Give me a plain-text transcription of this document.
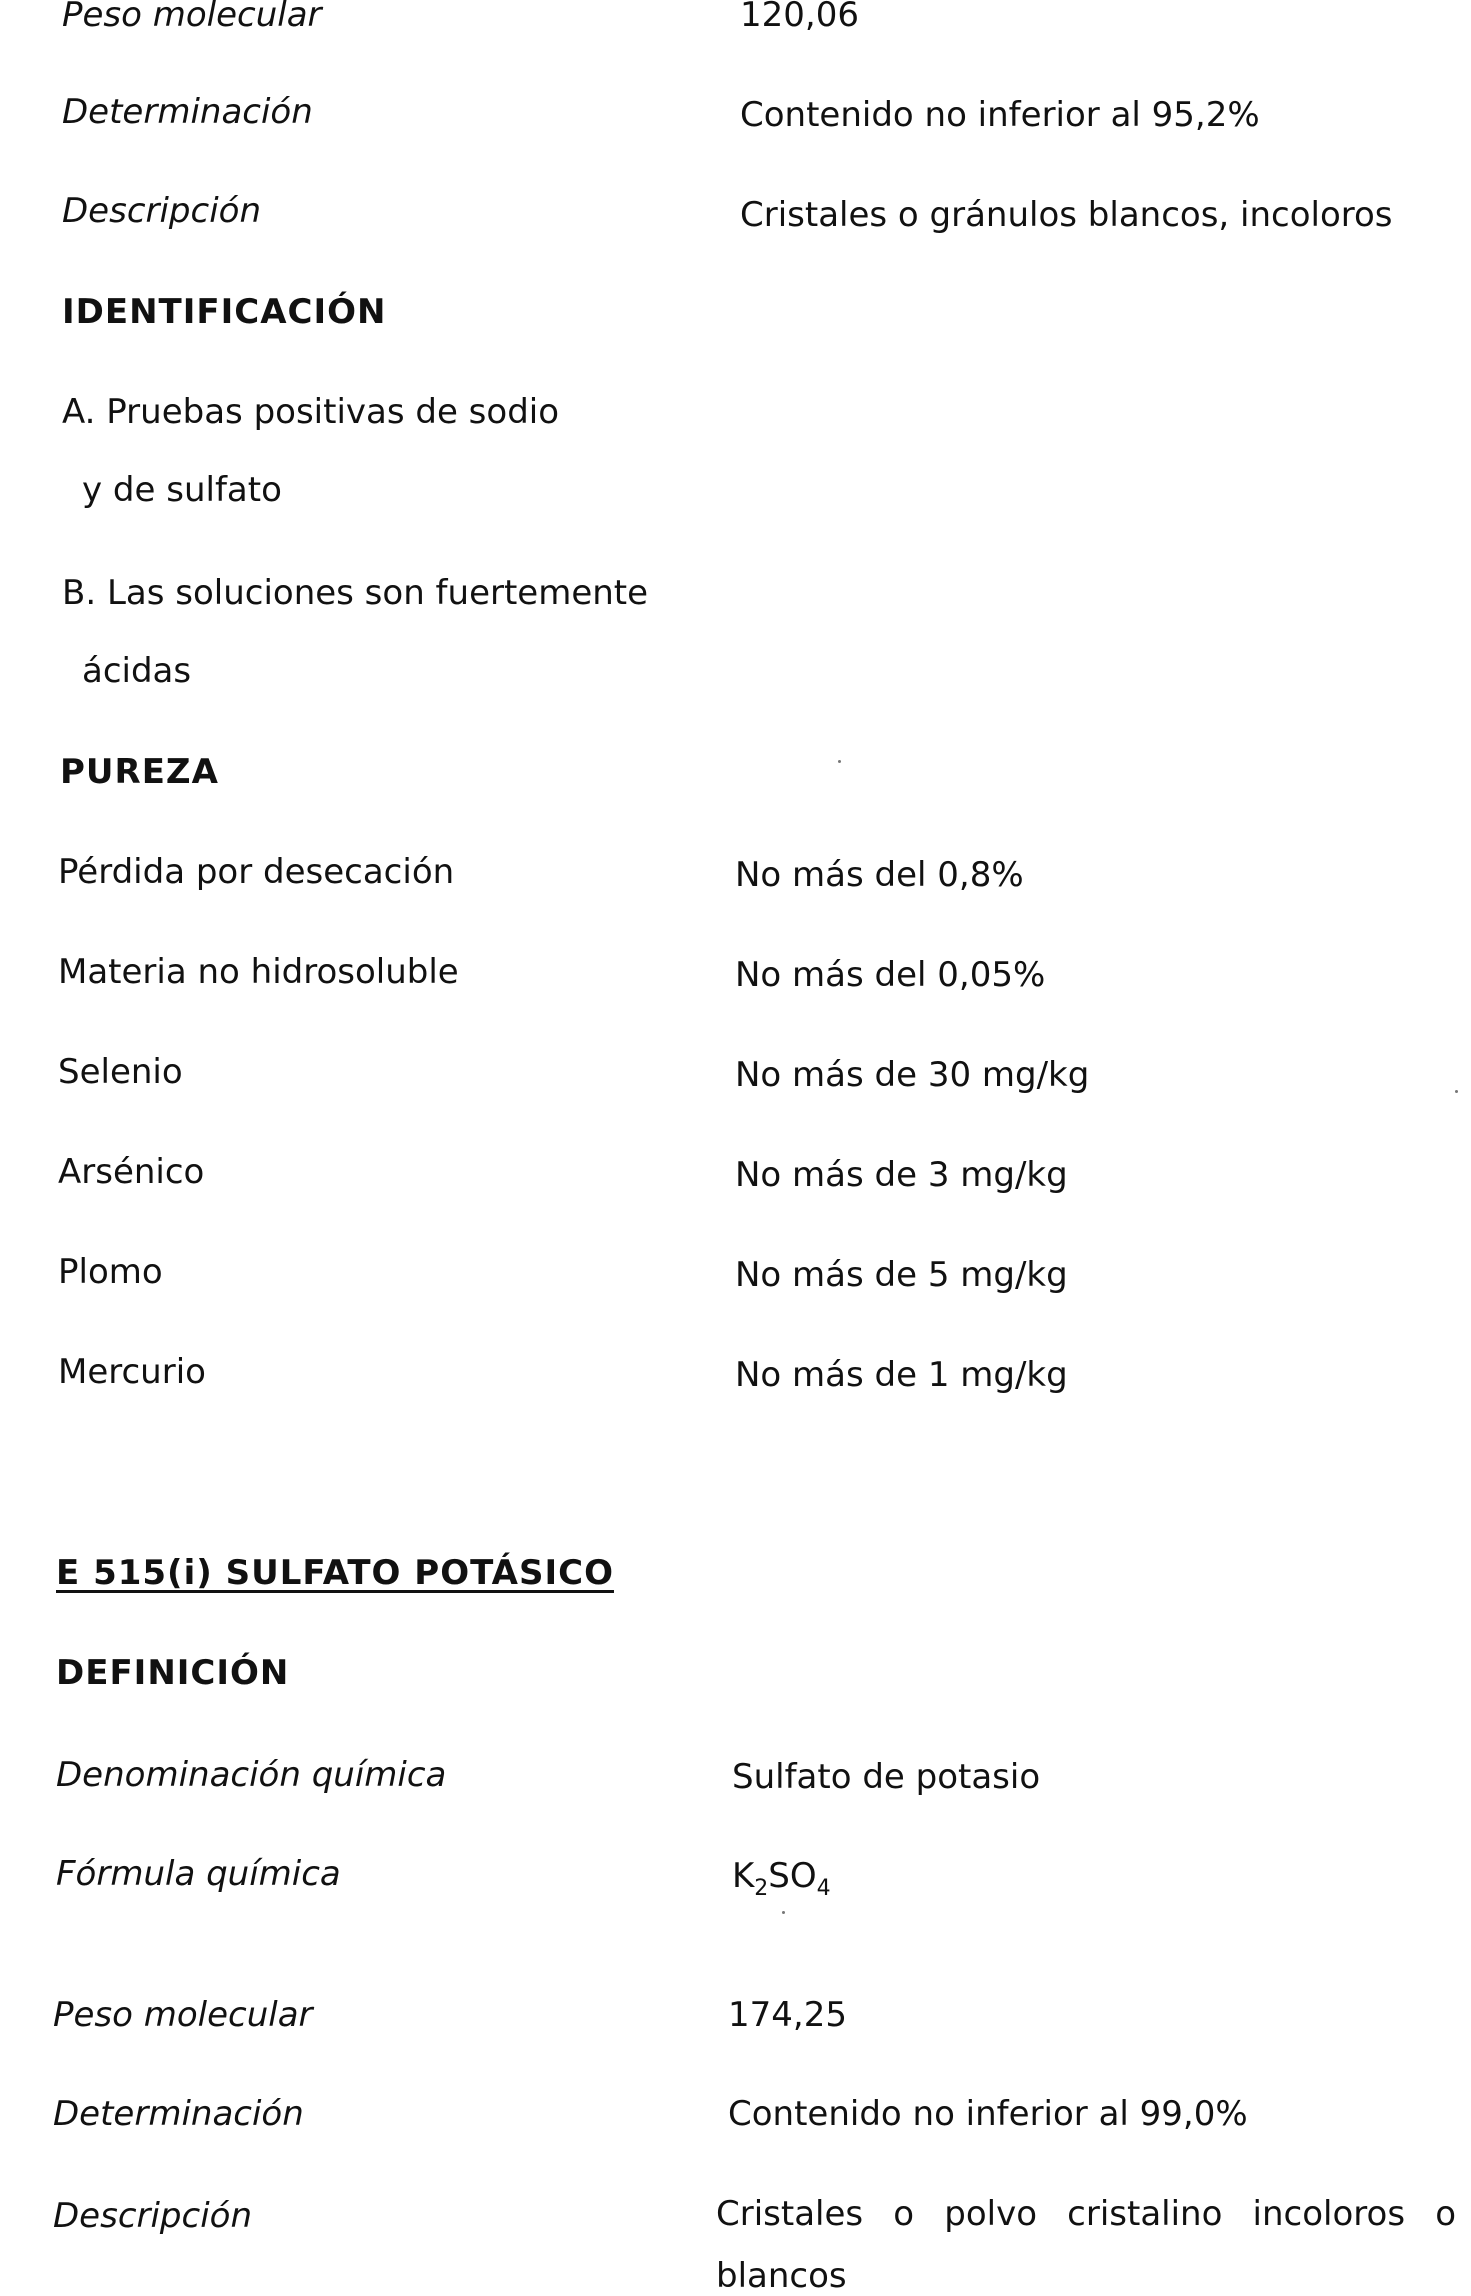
Peso molecular	120,06
Determinación	Contenido no inferior al 95,2%
Descripción	Cristales o gránulos blancos, incoloros
IDENTIFICACIÓN
A. Pruebas positivas de sodio
y de sulfato
B. Las soluciones son fuertemente
ácidas
PUREZA
Pérdida por desecación	No más del 0,8%
Materia no hidrosoluble	No más del 0,05%
Selenio	No más de 30 mg/kg
Arsénico	No más de 3 mg/kg
Plomo	No más de 5 mg/kg
Mercurio	No más de 1 mg/kg
E 515(i) SULFATO POTÁSICO
DEFINICIÓN
Denominación química	Sulfato de potasio
Fórmula química	$K_2SO_4$
Peso molecular	174,25
Determinación	Contenido no inferior al 99,0%
Descripción	Cristales o polvo cristalino incoloros o
blancos
